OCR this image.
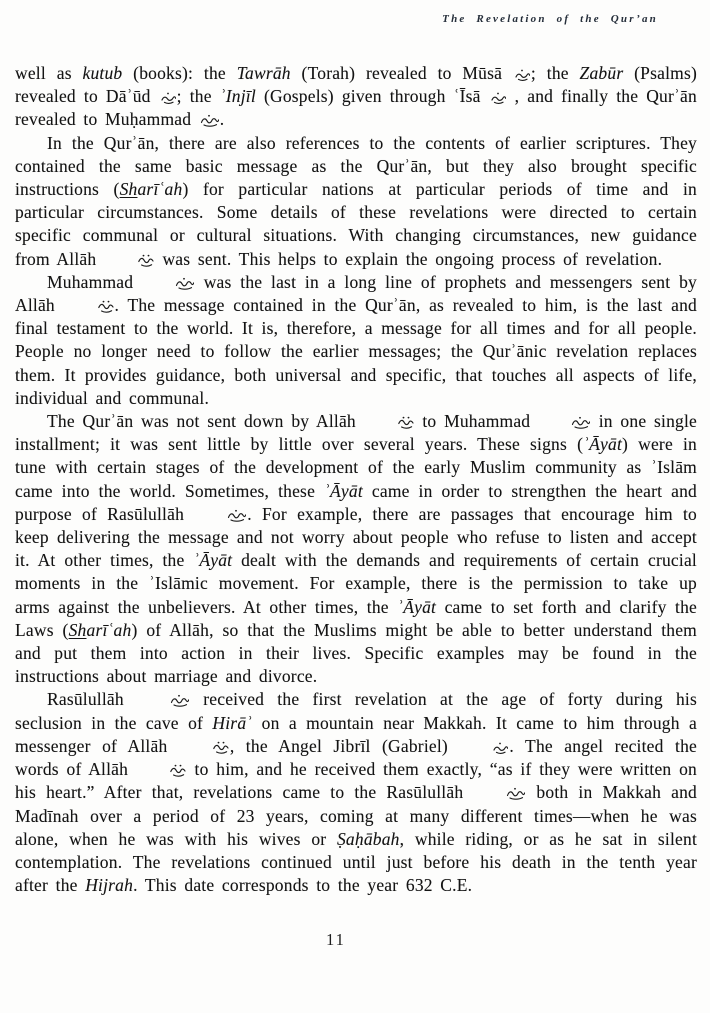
The Revelation of the Qur’an

well as kutub (books): the Tawrāh (Torah) revealed to Mūsā ; the Zabūr (Psalms) revealed to Dāʾūd ; the ʾInjīl (Gospels) given through ʿĪsā  , and finally the Qurʾān revealed to Muḥammad .

In the Qurʾān, there are also references to the contents of earlier scriptures. They contained the same basic message as the Qurʾān, but they also brought specific instructions (Sharīʿah) for particular nations at particular periods of time and in particular circumstances. Some details of these revelations were directed to certain specific communal or cultural situations. With changing circumstances, new guidance from Allāh	was sent. This helps to explain the ongoing process of revelation.

Muhammad	was the last in a long line of prophets and messengers sent by Allāh	. The message contained in the Qurʾān, as revealed to him, is the last and final testament to the world. It is, therefore, a message for all times and for all people. People no longer need to follow the earlier messages; the Qurʾānic revelation replaces them. It provides guidance, both universal and specific, that touches all aspects of life, individual and communal.

The Qurʾān was not sent down by Allāh	to Muhammad	in one single installment; it was sent little by little over several years. These signs (ʾĀyāt) were in tune with certain stages of the development of the early Muslim community as ʾIslām came into the world. Sometimes, these ʾĀyāt came in order to strengthen the heart and purpose of Rasūlullāh	. For example, there are passages that encourage him to keep delivering the message and not worry about people who refuse to listen and accept it. At other times, the ʾĀyāt dealt with the demands and requirements of certain crucial moments in the ʾIslāmic movement. For example, there is the permission to take up arms against the unbelievers. At other times, the ʾĀyāt came to set forth and clarify the Laws (Sharīʿah) of Allāh, so that the Muslims might be able to better understand them and put them into action in their lives. Specific examples may be found in the instructions about marriage and divorce.

Rasūlullāh	received the first revelation at the age of forty during his seclusion in the cave of Hirāʾ on a mountain near Makkah. It came to him through a messenger of Allāh	, the Angel Jibrīl (Gabriel)	. The angel recited the words of Allāh	to him, and he received them exactly, “as if they were written on his heart.” After that, revelations came to the Rasūlullāh	both in Makkah and Madīnah over a period of 23 years, coming at many different times—when he was alone, when he was with his wives or Ṣaḥābah, while riding, or as he sat in silent contemplation. The revelations continued until just before his death in the tenth year after the Hijrah. This date corresponds to the year 632 C.E.

11
